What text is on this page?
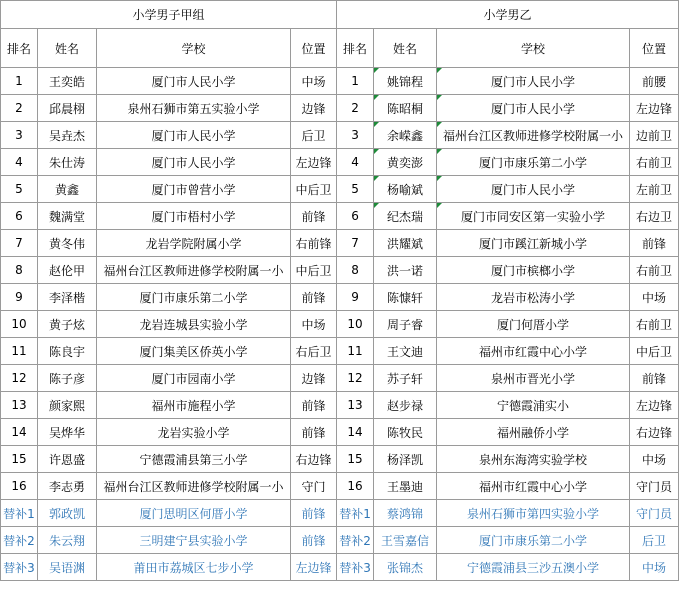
小学男子甲组				小学男乙			
排名	姓名	学校	位置	排名	姓名	学校	位置
1	王奕皓	厦门市人民小学	中场	1	姚锦程	厦门市人民小学	前腰
2	邱晨栩	泉州石狮市第五实验小学	边锋	2	陈昭桐	厦门市人民小学	左边锋
3	吴垚杰	厦门市人民小学	后卫	3	余嵘鑫	福州台江区教师进修学校附属一小	边前卫
4	朱仕涛	厦门市人民小学	左边锋	4	黄奕澎	厦门市康乐第二小学	右前卫
5	黄鑫	厦门市曾营小学	中后卫	5	杨喻斌	厦门市人民小学	左前卫
6	魏满堂	厦门市梧村小学	前锋	6	纪杰瑞	厦门市同安区第一实验小学	右边卫
7	黄冬伟	龙岩学院附属小学	右前锋	7	洪耀斌	厦门市蹊江新城小学	前锋
8	赵伦甲	福州台江区教师进修学校附属一小	中后卫	8	洪一诺	厦门市槟榔小学	右前卫
9	李泽楷	厦门市康乐第二小学	前锋	9	陈慷轩	龙岩市松涛小学	中场
10	黄子炫	龙岩连城县实验小学	中场	10	周子睿	厦门何厝小学	右前卫
11	陈良宇	厦门集美区侨英小学	右后卫	11	王文迪	福州市红霞中心小学	中后卫
12	陈子彦	厦门市园南小学	边锋	12	苏子轩	泉州市晋光小学	前锋
13	颜家熙	福州市施程小学	前锋	13	赵步禄	宁德霞浦实小	左边锋
14	吴烨华	龙岩实验小学	前锋	14	陈牧民	福州融侨小学	右边锋
15	许恩盛	宁德霞浦县第三小学	右边锋	15	杨泽凯	泉州东海湾实验学校	中场
16	李志勇	福州台江区教师进修学校附属一小	守门	16	王墨迪	福州市红霞中心小学	守门员
替补1	郭政凯	厦门思明区何厝小学	前锋	替补1	蔡鸿锦	泉州石狮市第四实验小学	守门员
替补2	朱云翔	三明建宁县实验小学	前锋	替补2	王雪嘉信	厦门市康乐第二小学	后卫
替补3	吴语渊	莆田市荔城区七步小学	左边锋	替补3	张锦杰	宁德霞浦县三沙五澳小学	中场
